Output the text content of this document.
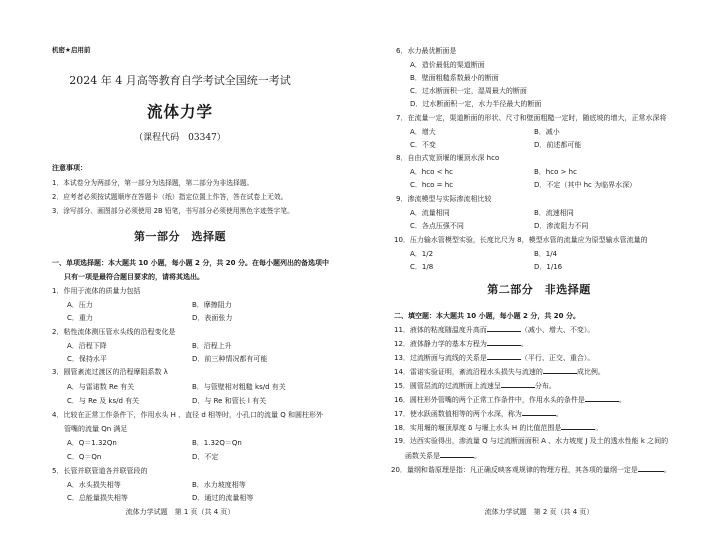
机密★启用前
2024 年 4 月高等教育自学考试全国统一考试
流体力学
（课程代码　03347）
注意事项：
1．本试卷分为两部分，第一部分为选择题，第二部分为非选择题。
2．应考者必须按试题顺序在答题卡（纸）指定位置上作答，答在试卷上无效。
3．涂写部分、画图部分必须使用 2B 铅笔，书写部分必须使用黑色字迹签字笔。
第一部分　选择题
一、单项选择题：本大题共 10 小题，每小题 2 分，共 20 分。在每小题列出的备选项中
只有一项是最符合题目要求的，请将其选出。
1．作用于流体的质量力包括
A．压力	B．摩擦阻力
C．重力	D．表面张力
2．粘性流体测压管水头线的沿程变化是
A．沿程下降	B．沿程上升
C．保持水平	D．前三种情况都有可能
3．圆管紊流过渡区的沿程摩阻系数 λ
A．与雷诺数 Re 有关	B．与管壁相对粗糙 ks/d 有关
C．与 Re 及 ks/d 有关	D．与 Re 和管长 l 有关
4．比较在正常工作条件下，作用水头 H 、直径 d 相等时，小孔口的流量 Q 和圆柱形外
管嘴的流量 Qn 满足
A．Q＝1.32Qn	B．1.32Q＝Qn
C．Q＝Qn	D．不定
5．长管并联管道各并联管段的
A．水头损失相等	B．水力坡度相等
C．总能量损失相等	D．通过的流量相等
流体力学试题　第 1 页（共 4 页）
6．水力最优断面是
A．造价最低的渠道断面
B．壁面粗糙系数最小的断面
C．过水断面积一定，湿周最大的断面
D．过水断面积一定，水力半径最大的断面
7．在流量一定，渠道断面的形状、尺寸和壁面粗糙一定时，随底坡的增大，正常水深将
A．增大	B．减小
C．不变	D．前述都可能
8．自由式宽顶堰的堰顶水深 hco
A．hco < hc	B．hco > hc
C．hco = hc	D．不定（其中 hc 为临界水深）
9．渗流模型与实际渗流相比较
A．流量相同	B．流速相同
C．各点压强不同	D．渗流阻力不同
10．压力输水管模型实验，长度比尺为 8，模型水管的流量应为原型输水管流量的
A．1/2	B．1/4
C．1/8	D．1/16
第二部分　非选择题
二、填空题：本大题共 10 小题，每小题 2 分，共 20 分。
11．液体的粘度随温度升高而	（减小、增大、不变）。
12．液体静力学的基本方程为	。
13．过流断面与流线的关系是	（平行、正交、重合）。
14．雷诺实验证明，紊流沿程水头损失与流速的	成比例。
15．圆管层流的过流断面上流速呈	分布。
16．圆柱形外管嘴的两个正常工作条件中，作用水头的条件是	。
17．使水跃函数值相等的两个水深，称为	。
18．实用堰的堰顶厚度 δ 与堰上水头 H 的比值范围是	。
19．达西实验得出，渗流量 Q 与过流断面面积 A 、水力坡度 J 及土的透水性能 k 之间的
函数关系是	。
20．量纲和谐原理是指：凡正确反映客观规律的物理方程，其各项的量纲一定是	。
流体力学试题　第 2 页（共 4 页）
